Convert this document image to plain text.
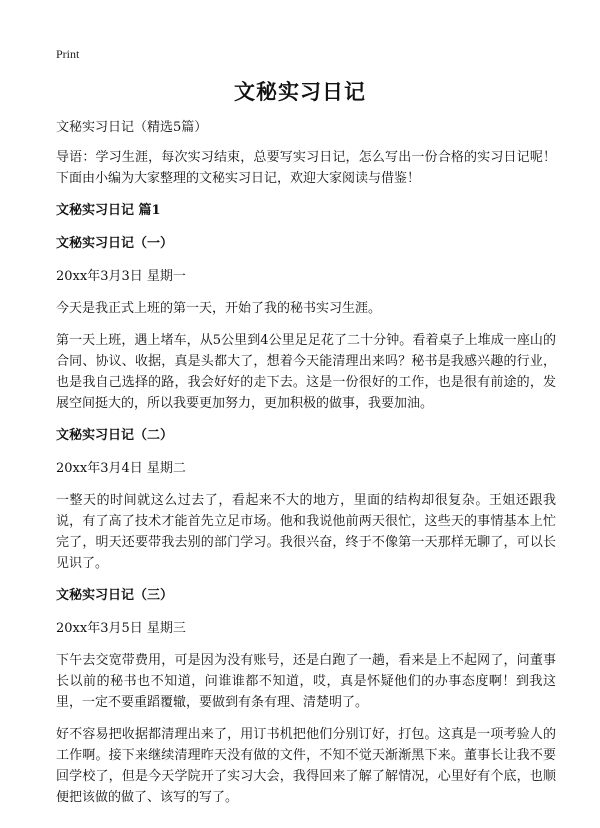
Print
文秘实习日记

文秘实习日记（精选5篇）

导语：学习生涯，每次实习结束，总要写实习日记，怎么写出一份合格的实习日记呢！下面由小编为大家整理的文秘实习日记，欢迎大家阅读与借鉴！

文秘实习日记 篇1

文秘实习日记（一）

20xx年3月3日 星期一

今天是我正式上班的第一天，开始了我的秘书实习生涯。

第一天上班，遇上堵车，从5公里到4公里足足花了二十分钟。看着桌子上堆成一座山的合同、协议、收据，真是头都大了，想着今天能清理出来吗？秘书是我感兴趣的行业，也是我自己选择的路，我会好好的走下去。这是一份很好的工作，也是很有前途的，发展空间挺大的，所以我要更加努力，更加积极的做事，我要加油。

文秘实习日记（二）

20xx年3月4日 星期二

一整天的时间就这么过去了，看起来不大的地方，里面的结构却很复杂。王姐还跟我说，有了高了技术才能首先立足市场。他和我说他前两天很忙，这些天的事情基本上忙完了，明天还要带我去别的部门学习。我很兴奋，终于不像第一天那样无聊了，可以长见识了。

文秘实习日记（三）

20xx年3月5日 星期三

下午去交宽带费用，可是因为没有账号，还是白跑了一趟，看来是上不起网了，问董事长以前的秘书也不知道，问谁谁都不知道，哎，真是怀疑他们的办事态度啊！到我这里，一定不要重蹈覆辙，要做到有条有理、清楚明了。

好不容易把收据都清理出来了，用订书机把他们分别订好，打包。这真是一项考验人的工作啊。接下来继续清理昨天没有做的文件，不知不觉天渐渐黑下来。董事长让我不要回学校了，但是今天学院开了实习大会，我得回来了解了解情况，心里好有个底，也顺便把该做的做了、该写的写了。
